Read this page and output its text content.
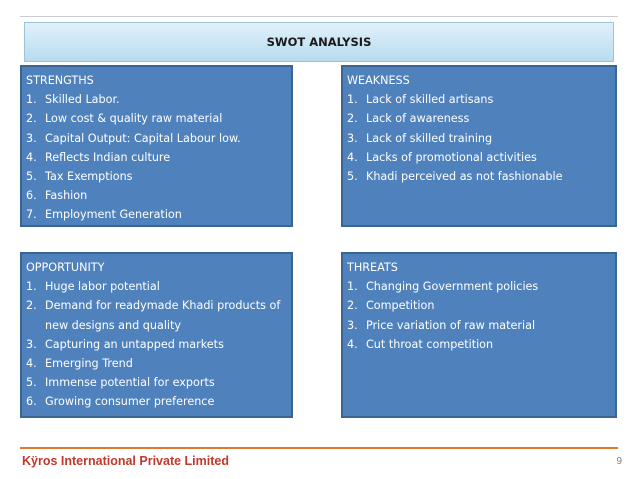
SWOT ANALYSIS
STRENGTHS
1. Skilled Labor.
2. Low cost & quality raw material
3. Capital Output: Capital Labour low.
4. Reflects Indian culture
5. Tax Exemptions
6. Fashion
7. Employment Generation
WEAKNESS
1. Lack of skilled artisans
2. Lack of awareness
3. Lack of skilled training
4. Lacks of promotional activities
5. Khadi perceived as not fashionable
OPPORTUNITY
1. Huge labor potential
2. Demand for readymade Khadi products of new designs and quality
3. Capturing an untapped markets
4. Emerging Trend
5. Immense potential for exports
6. Growing consumer preference
THREATS
1. Changing Government policies
2. Competition
3. Price variation of raw material
4. Cut throat competition
Kÿros International Private Limited	9
